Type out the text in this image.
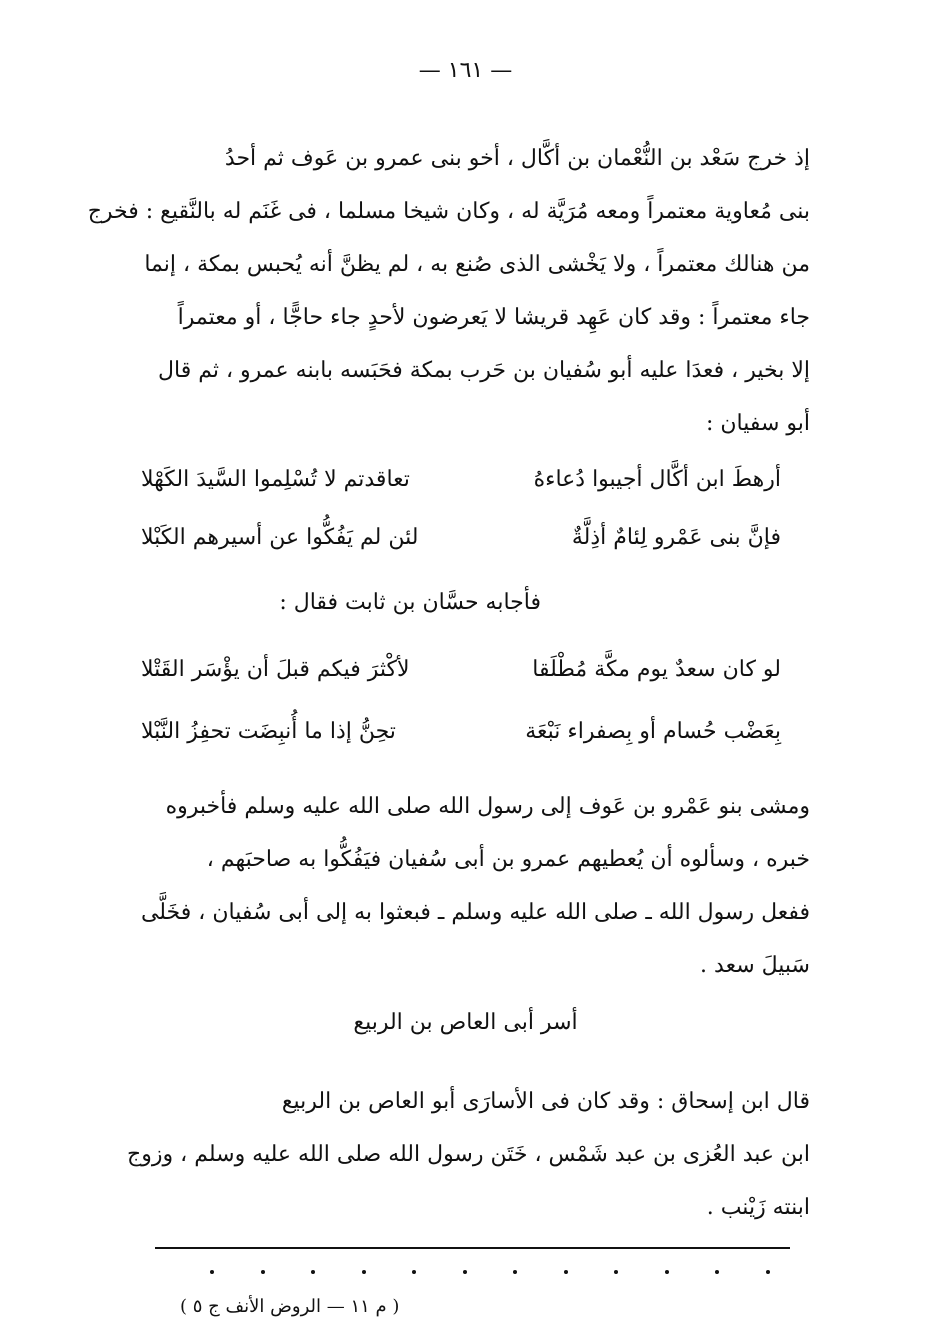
— ١٦١ —
إذ خرج سَعْد بن النُّعْمان بن أكَّال ، أخو بنى عمرو بن عَوف ثم أحدُ
بنى مُعاوية معتمراً ومعه مُرَيَّة له ، وكان شيخا مسلما ، فى غَنَم له بالنَّقيع : فخرج
من هنالك معتمراً ، ولا يَخْشى الذى صُنع به ، لم يظنَّ أنه يُحبس بمكة ، إنما
جاء معتمراً : وقد كان عَهِد قريشا لا يَعرضون لأحدٍ جاء حاجًّا ، أو معتمراً
إلا بخير ، فعدَا عليه أبو سُفيان بن حَرب بمكة فحَبَسه بابنه عمرو ، ثم قال
أبو سفيان :
أرهطَ ابن أكَّال أجيبوا دُعاءهُ
تعاقدتم لا تُسْلِموا السَّيدَ الكَهْلا
فإنَّ بنى عَمْرو لِئامٌ أذِلَّةٌ
لئن لم يَفُكُّوا عن أسيرهم الكَبْلا
فأجابه حسَّان بن ثابت فقال :
لو كان سعدٌ يوم مكَّة مُطْلَقا
لأكْثرَ فيكم قبلَ أن يؤْسَر القَتْلا
بِعَضْب حُسام أو بِصفراء نَبْعَة
تحِنُّ إذا ما أُنبِضَت تحفِزُ النَّبْلا
ومشى بنو عَمْرو بن عَوف إلى رسول الله صلى الله عليه وسلم فأخبروه
خبره ، وسألوه أن يُعطيهم عمرو بن أبى سُفيان فيَفُكُّوا به صاحبَهم ،
ففعل رسول الله ـ صلى الله عليه وسلم ـ فبعثوا به إلى أبى سُفيان ، فخَلَّى
سَبيلَ سعد .
أسر أبى العاص بن الربيع
قال ابن إسحاق : وقد كان فى الأسارَى أبو العاص بن الربيع
ابن عبد العُزى بن عبد شَمْس ، خَتَن رسول الله صلى الله عليه وسلم ، وزوج
ابنته زَيْنب .
( م ١١ — الروض الأنف ج ٥ )
